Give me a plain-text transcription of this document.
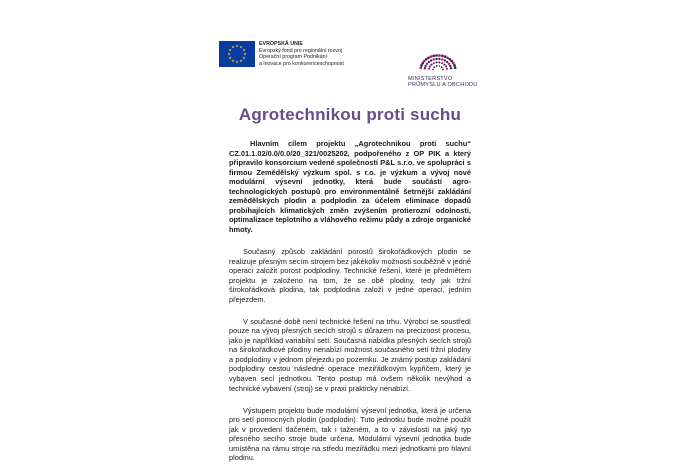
EVROPSKÁ UNIE
Evropský fond pro regionální rozvoj
Operační program Podnikání
a inovace pro konkurenceschopnost
MINISTERSTVO
PRŮMYSLU A OBCHODU
Agrotechnikou proti suchu

Hlavním cílem projektu „Agrotechnikou proti suchu“ CZ.01.1.02/0.0/0.0/20_321/0025202, podpořeného z OP PIK a který připravilo konsorcium vedené společností P&L s.r.o. ve spolupráci s firmou Zemědělský výzkum spol. s r.o. je výzkum a vývoj nové modulární výsevní jednotky, která bude součástí agro-technologických postupů pro environmentálně šetrnější zakládání zemědělských plodin a podplodin za účelem eliminace dopadů probíhajících klimatických změn zvýšením protierozní odolnosti, optimalizace teplotního a vláhového režimu půdy a zdroje organické hmoty.

Současný způsob zakládání porostů širokořádkových plodin se realizuje přesným secím strojem bez jakékoliv možnosti souběžně v jedné operaci založit porost podplodiny. Technické řešení, které je předmětem projektu je založeno na tom, že se obě plodiny, tedy jak tržní širokořádková plodina, tak podplodina založí v jedné operaci, jedním přejezdem.

V současné době není technické řešení na trhu. Výrobci se soustředí pouze na vývoj přesných secích strojů s důrazem na preciznost procesu, jako je například variabilní setí. Současná nabídka přesných secích strojů na širokořádkové plodiny nenabízí možnost současného setí tržní plodiny a podplodiny v jednom přejezdu po pozemku. Je známý postup zakládání podplodiny cestou následné operace meziřádkovým kypřičem, který je vybaven secí jednotkou. Tento postup má ovšem několik nevýhod a technické vybavení (stroj) se v praxi prakticky nenabízí.

Výstupem projektu bude modulární výsevní jednotka, která je určena pro setí pomocných plodin (podplodin). Tuto jednotku bude možné použít jak v provedení tlačeném, tak i taženém, a to v závislosti na jaký typ přesného secího stroje bude určena. Modulární výsevní jednotka bude umístěna na rámu stroje na středu meziřádku mezi jednotkami pro hlavní plodinu.
